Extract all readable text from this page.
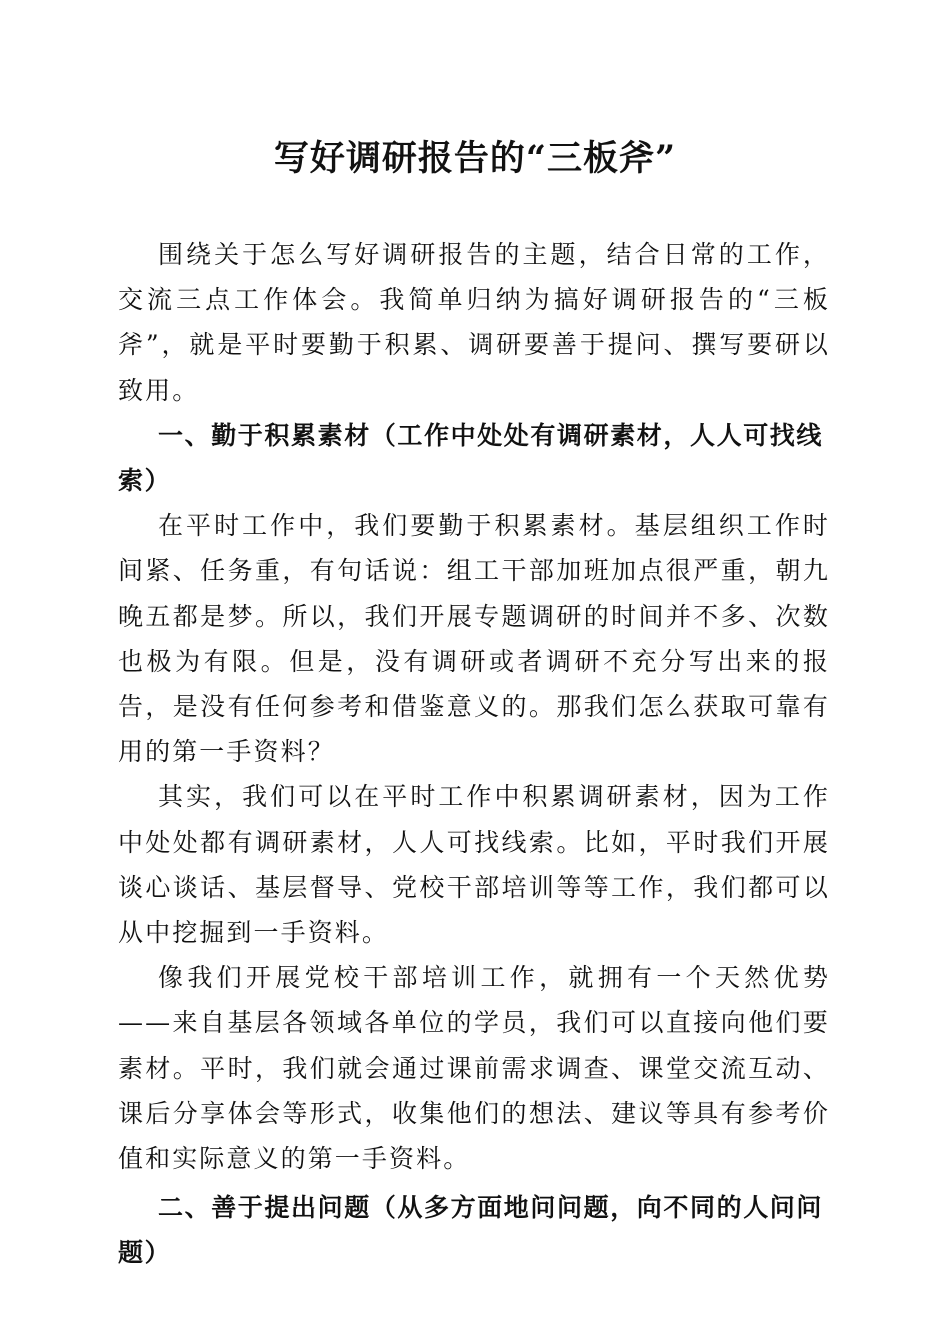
写好调研报告的“三板斧”

围绕关于怎么写好调研报告的主题，结合日常的工作，交流三点工作体会。我简单归纳为搞好调研报告的“三板斧”，就是平时要勤于积累、调研要善于提问、撰写要研以致用。

一、勤于积累素材（工作中处处有调研素材，人人可找线索）

在平时工作中，我们要勤于积累素材。基层组织工作时间紧、任务重，有句话说：组工干部加班加点很严重，朝九晚五都是梦。所以，我们开展专题调研的时间并不多、次数也极为有限。但是，没有调研或者调研不充分写出来的报告，是没有任何参考和借鉴意义的。那我们怎么获取可靠有用的第一手资料？

其实，我们可以在平时工作中积累调研素材，因为工作中处处都有调研素材，人人可找线索。比如，平时我们开展谈心谈话、基层督导、党校干部培训等等工作，我们都可以从中挖掘到一手资料。

像我们开展党校干部培训工作，就拥有一个天然优势——来自基层各领域各单位的学员，我们可以直接向他们要素材。平时，我们就会通过课前需求调查、课堂交流互动、课后分享体会等形式，收集他们的想法、建议等具有参考价值和实际意义的第一手资料。

二、善于提出问题（从多方面地问问题，向不同的人问问题）
